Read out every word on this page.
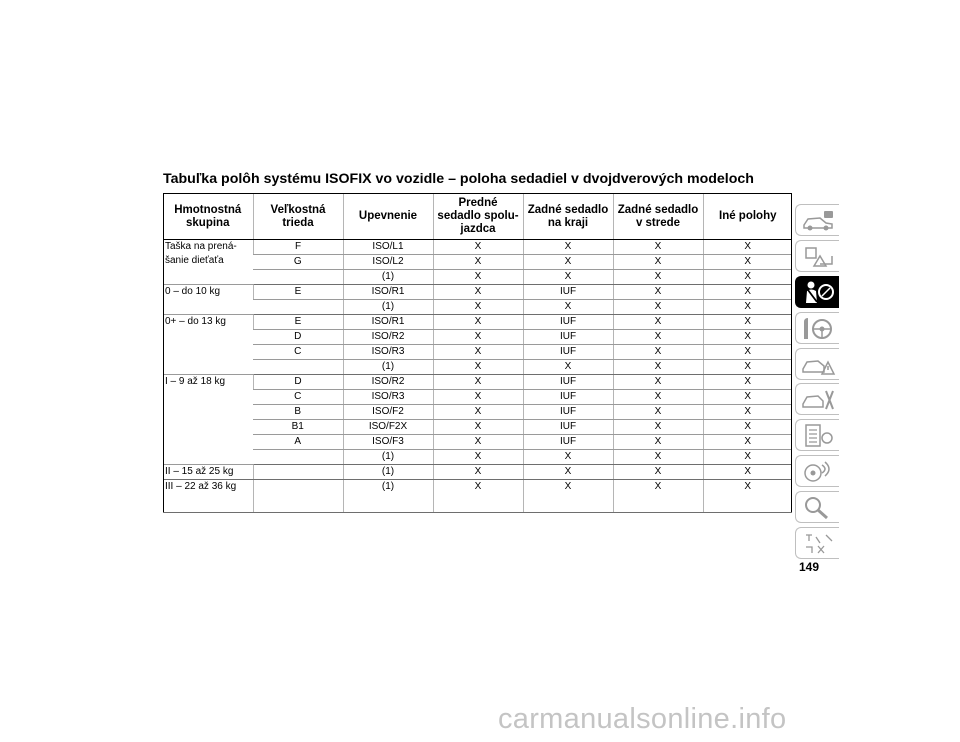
Tabuľka polôh systému ISOFIX vo vozidle – poloha sedadiel v dvojdverových modeloch
Hmotnostná skupina	Veľkostná trieda	Upevnenie	Predné sedadlo spolu-jazdca	Zadné sedadlo na kraji	Zadné sedadlo v strede	Iné polohy
Taška na prená-šanie dieťaťa	F	ISO/L1	X	X	X	X
	G	ISO/L2	X	X	X	X
		(1)	X	X	X	X
0 – do 10 kg	E	ISO/R1	X	IUF	X	X
		(1)	X	X	X	X
0+ – do 13 kg	E	ISO/R1	X	IUF	X	X
	D	ISO/R2	X	IUF	X	X
	C	ISO/R3	X	IUF	X	X
		(1)	X	X	X	X
I – 9 až 18 kg	D	ISO/R2	X	IUF	X	X
	C	ISO/R3	X	IUF	X	X
	B	ISO/F2	X	IUF	X	X
	B1	ISO/F2X	X	IUF	X	X
	A	ISO/F3	X	IUF	X	X
		(1)	X	X	X	X
II – 15 až 25 kg		(1)	X	X	X	X
III – 22 až 36 kg		(1)	X	X	X	X
149
carmanualsonline.info
